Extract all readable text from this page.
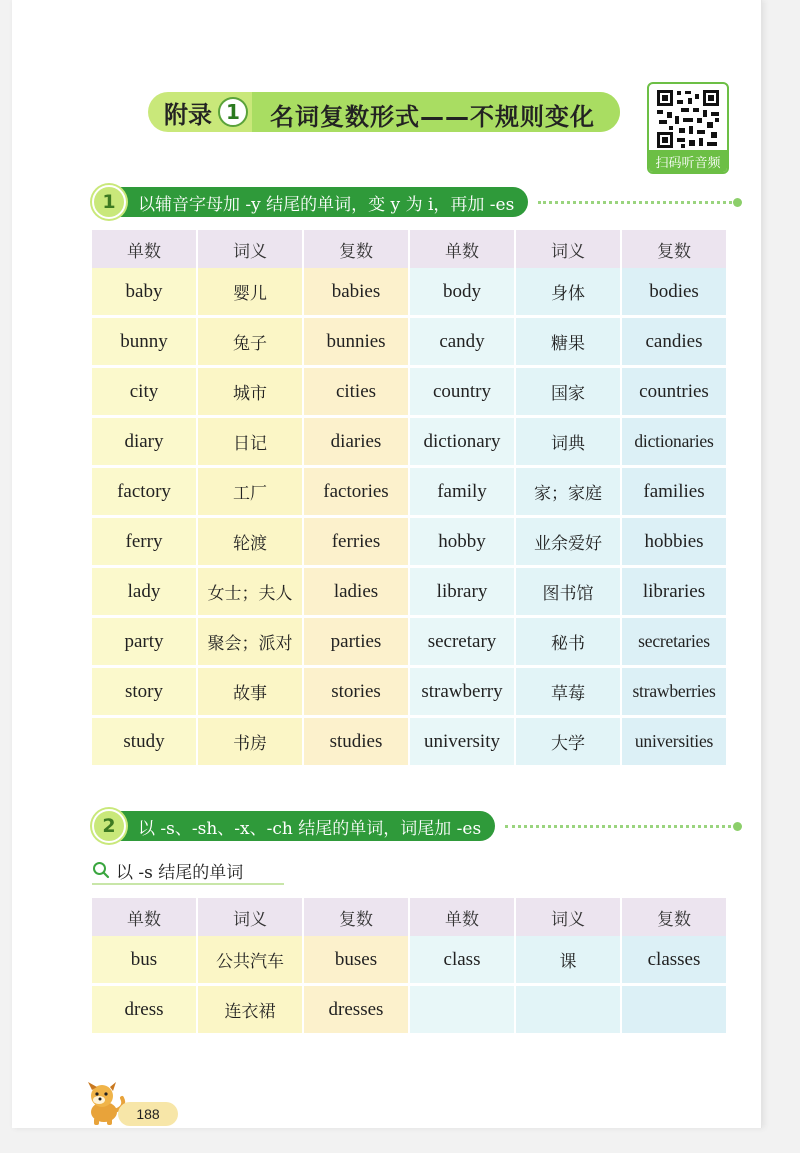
附录 1	名词复数形式——不规则变化
扫码听音频
1	以辅音字母加 -y 结尾的单词，变 y 为 i，再加 -es
单数	词义	复数	单数	词义	复数
baby	婴儿	babies	body	身体	bodies
bunny	兔子	bunnies	candy	糖果	candies
city	城市	cities	country	国家	countries
diary	日记	diaries	dictionary	词典	dictionaries
factory	工厂	factories	family	家；家庭	families
ferry	轮渡	ferries	hobby	业余爱好	hobbies
lady	女士；夫人	ladies	library	图书馆	libraries
party	聚会；派对	parties	secretary	秘书	secretaries
story	故事	stories	strawberry	草莓	strawberries
study	书房	studies	university	大学	universities
2	以 -s、-sh、-x、-ch 结尾的单词，词尾加 -es
以 -s 结尾的单词
单数	词义	复数	单数	词义	复数
bus	公共汽车	buses	class	课	classes
dress	连衣裙	dresses
188
